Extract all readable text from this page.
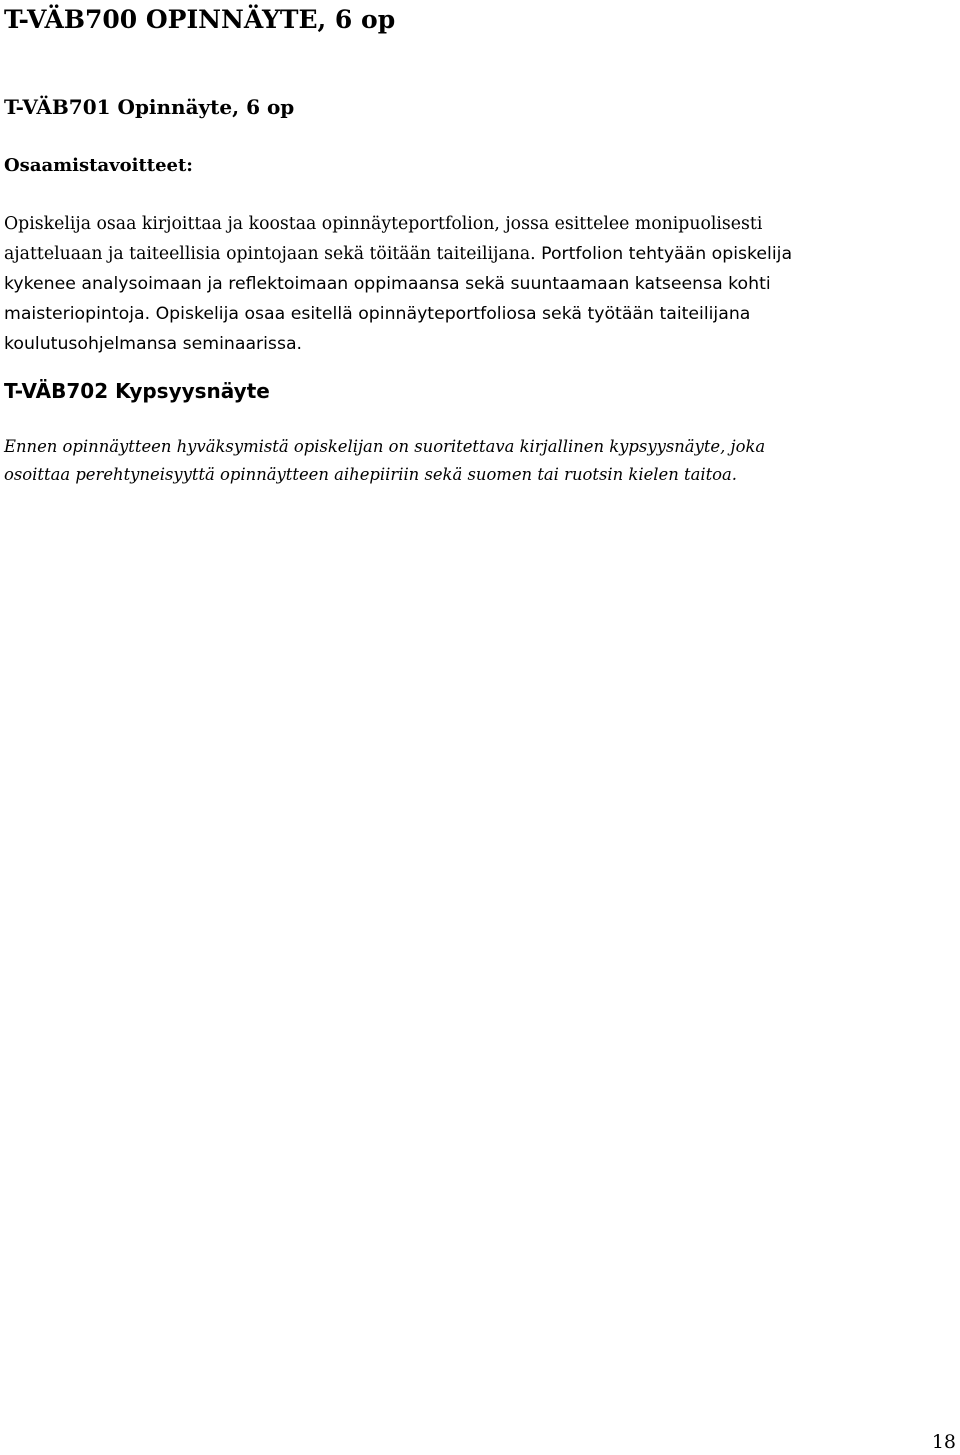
T-VÄB700 OPINNÄYTE, 6 op
T-VÄB701 Opinnäyte, 6 op
Osaamistavoitteet:
Opiskelija osaa kirjoittaa ja koostaa opinnäyteportfolion, jossa esittelee monipuolisesti
ajatteluaan ja taiteellisia opintojaan sekä töitään taiteilijana. Portfolion tehtyään opiskelija
kykenee analysoimaan ja reflektoimaan oppimaansa sekä suuntaamaan katseensa kohti
maisteriopintoja. Opiskelija osaa esitellä opinnäyteportfoliosa sekä työtään taiteilijana
koulutusohjelmansa seminaarissa.
T-VÄB702 Kypsyysnäyte
Ennen opinnäytteen hyväksymistä opiskelijan on suoritettava kirjallinen kypsyysnäyte, joka
osoittaa perehtyneisyyttä opinnäytteen aihepiiriin sekä suomen tai ruotsin kielen taitoa.
18
